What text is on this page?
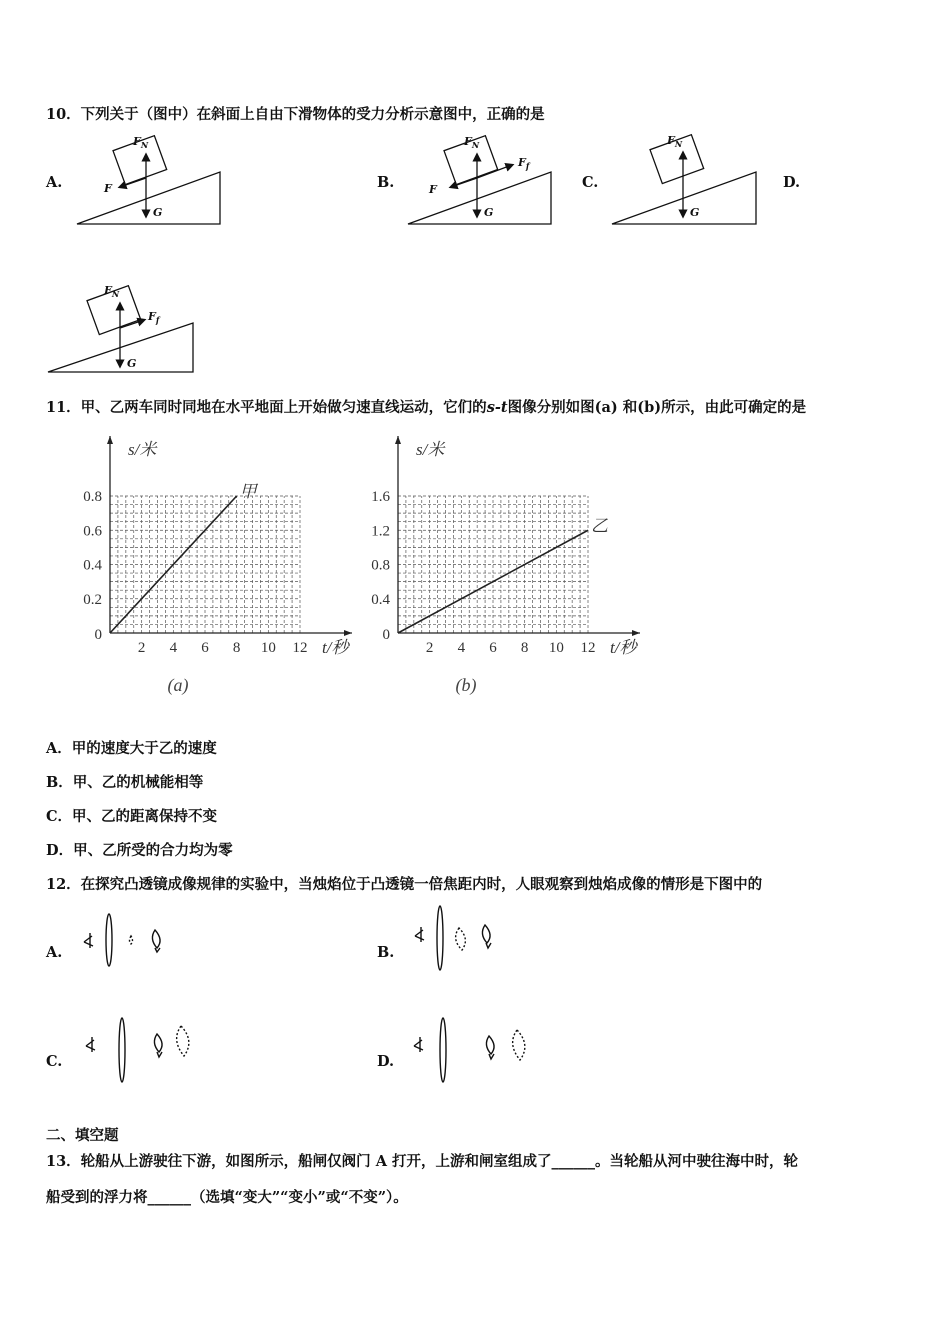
10．下列关于（图中）在斜面上自由下滑物体的受力分析示意图中，正确的是
A.	B.	C.	D.
$F_N$
F
G
$F_N$
F
$F_f$
G
$F_N$
G
$F_N$
$F_f$
G
11．甲、乙两车同时同地在水平地面上开始做匀速直线运动，它们的s-t图像分别如图(a) 和(b)所示，由此可确定的是
s/米
t/秒
2 4 6 8 10 12
0
0.2
0.4
0.6
0.8	甲
(a)
s/米
t/秒
2 4 6 8 10 12
0
0.4
0.8
1.2
1.6
乙
(b)
A．甲的速度大于乙的速度
B．甲、乙的机械能相等
C．甲、乙的距离保持不变
D．甲、乙所受的合力均为零
12．在探究凸透镜成像规律的实验中，当烛焰位于凸透镜一倍焦距内时，人眼观察到烛焰成像的情形是下图中的
A.	B.
C.	D.
二、填空题
13．轮船从上游驶往下游，如图所示，船闸仅阀门 A 打开，上游和闸室组成了______。当轮船从河中驶往海中时，轮
船受到的浮力将______（选填“变大”“变小”或“不变”）。
